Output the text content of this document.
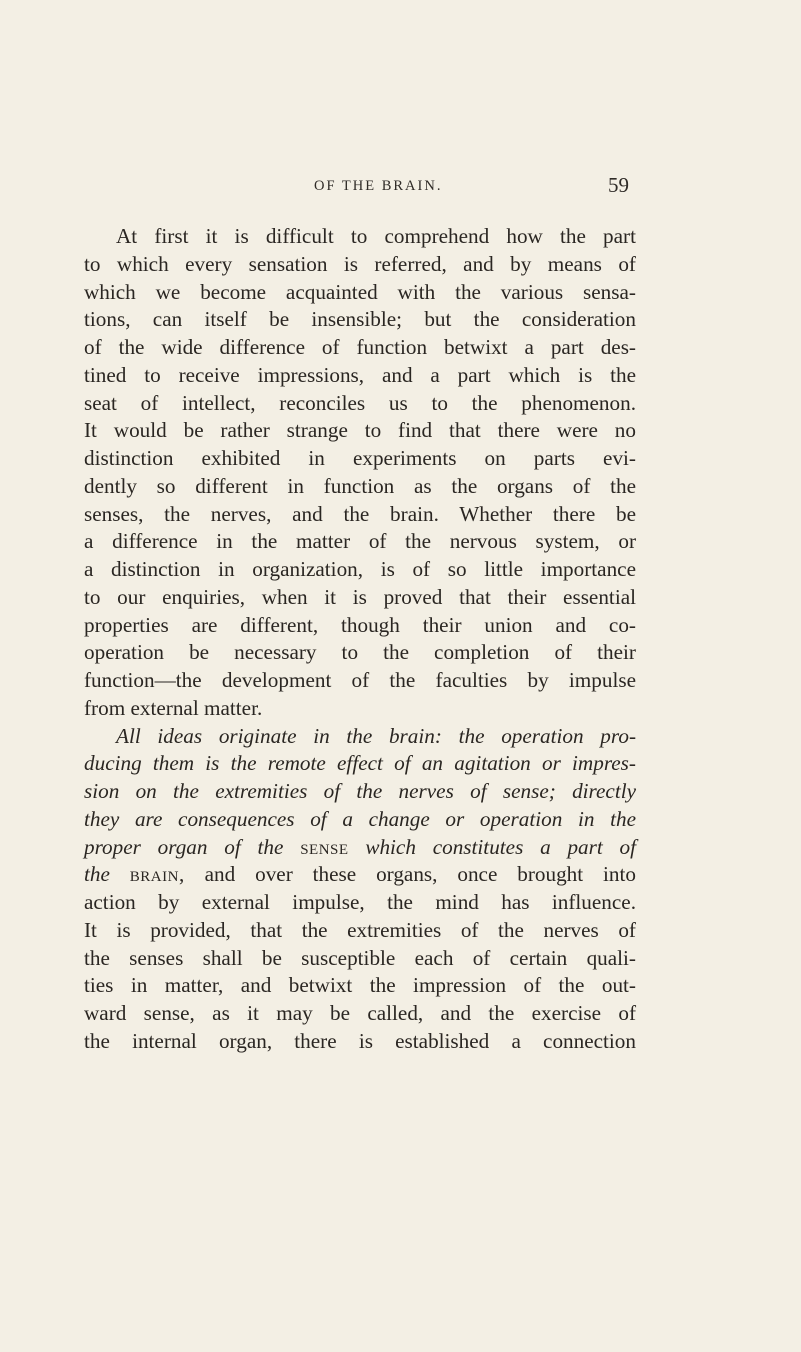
OF THE BRAIN.	59
At first it is difficult to comprehend how the part
to which every sensation is referred, and by means of
which we become acquainted with the various sensa-
tions, can itself be insensible; but the consideration
of the wide difference of function betwixt a part des-
tined to receive impressions, and a part which is the
seat of intellect, reconciles us to the phenomenon.
It would be rather strange to find that there were no
distinction exhibited in experiments on parts evi-
dently so different in function as the organs of the
senses, the nerves, and the brain. Whether there be
a difference in the matter of the nervous system, or
a distinction in organization, is of so little importance
to our enquiries, when it is proved that their essential
properties are different, though their union and co-
operation be necessary to the completion of their
function—the development of the faculties by impulse
from external matter.
All ideas originate in the brain: the operation pro-
ducing them is the remote effect of an agitation or impres-
sion on the extremities of the nerves of sense; directly
they are consequences of a change or operation in the
proper organ of the sense which constitutes a part of
the brain, and over these organs, once brought into
action by external impulse, the mind has influence.
It is provided, that the extremities of the nerves of
the senses shall be susceptible each of certain quali-
ties in matter, and betwixt the impression of the out-
ward sense, as it may be called, and the exercise of
the internal organ, there is established a connection
